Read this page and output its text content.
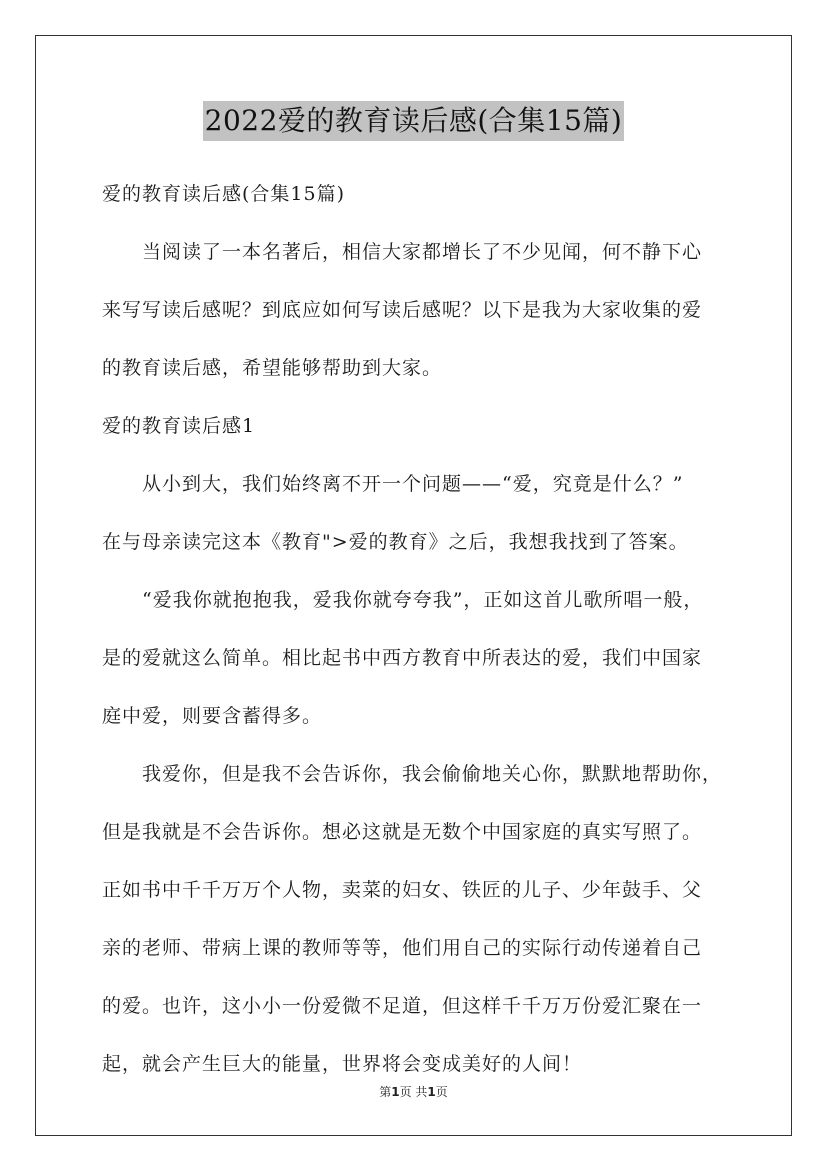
2022爱的教育读后感(合集15篇)
爱的教育读后感(合集15篇)
当阅读了一本名著后，相信大家都增长了不少见闻，何不静下心
来写写读后感呢？到底应如何写读后感呢？以下是我为大家收集的爱
的教育读后感，希望能够帮助到大家。
爱的教育读后感1
从小到大，我们始终离不开一个问题——“爱，究竟是什么？”
在与母亲读完这本《教育">爱的教育》之后，我想我找到了答案。
“爱我你就抱抱我，爱我你就夸夸我”，正如这首儿歌所唱一般，
是的爱就这么简单。相比起书中西方教育中所表达的爱，我们中国家
庭中爱，则要含蓄得多。
我爱你，但是我不会告诉你，我会偷偷地关心你，默默地帮助你，
但是我就是不会告诉你。想必这就是无数个中国家庭的真实写照了。
正如书中千千万万个人物，卖菜的妇女、铁匠的儿子、少年鼓手、父
亲的老师、带病上课的教师等等，他们用自己的实际行动传递着自己
的爱。也许，这小小一份爱微不足道，但这样千千万万份爱汇聚在一
起，就会产生巨大的能量，世界将会变成美好的人间！
第1页 共1页
